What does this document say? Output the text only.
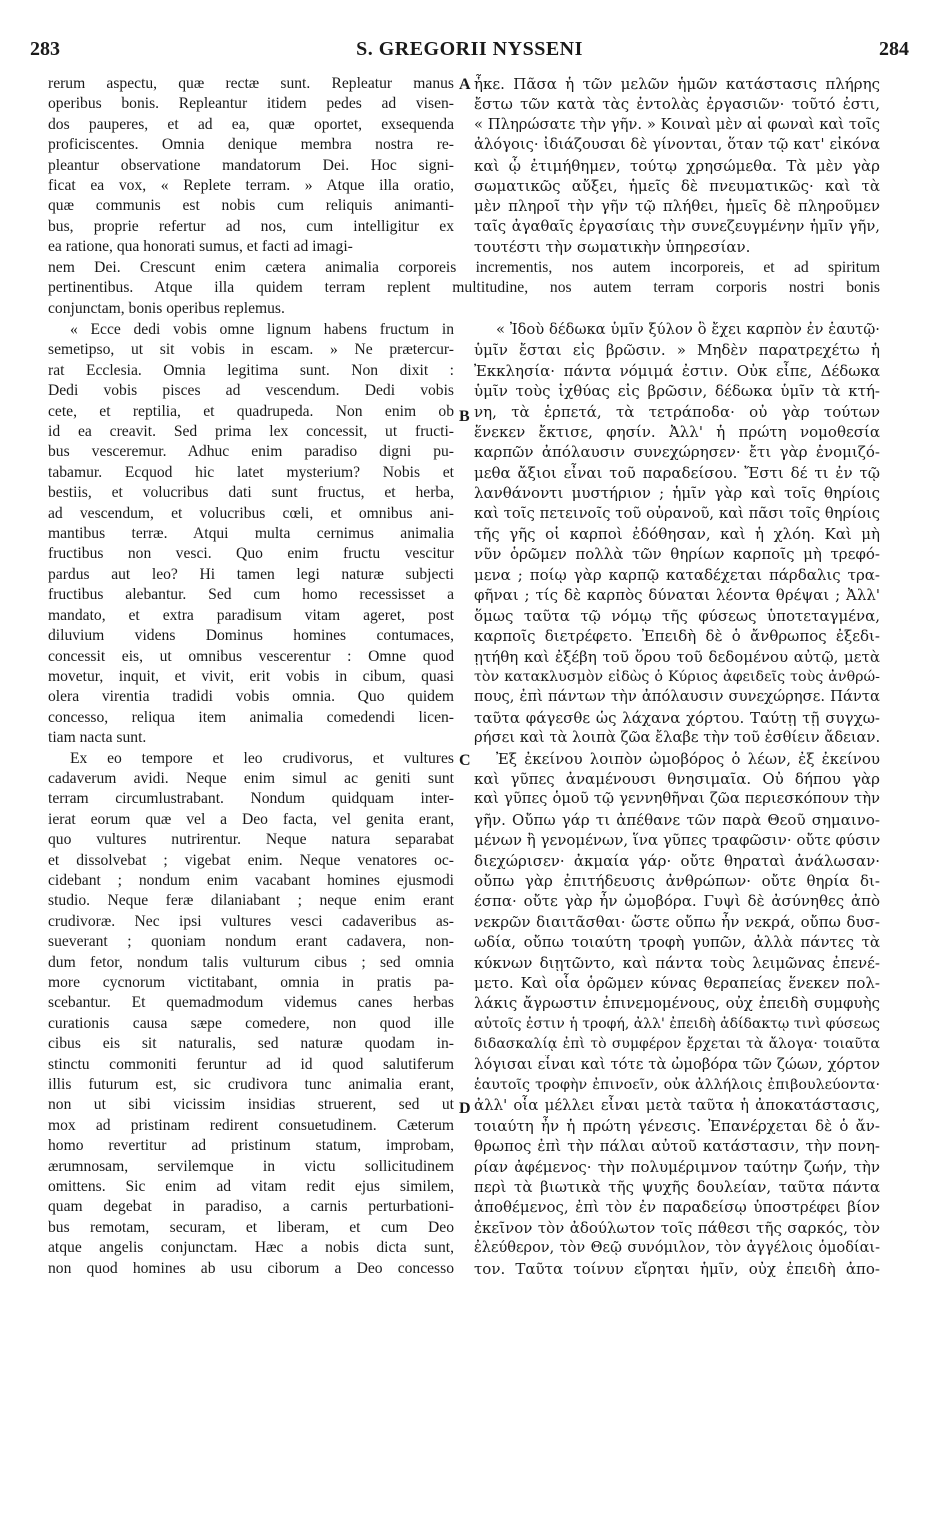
283	S. GREGORII NYSSENI	284
rerum aspectu, quæ rectæ sunt. Repleatur manus
operibus bonis. Repleantur itidem pedes ad visen-
dos pauperes, et ad ea, quæ oportet, exsequenda
proficiscentes. Omnia denique membra nostra re-
pleantur observatione mandatorum Dei. Hoc signi-
ficat ea vox, « Replete terram. » Atque illa oratio,
quæ communis est nobis cum reliquis animanti-
bus, proprie refertur ad nos, cum intelligitur ex
ea ratione, qua honorati sumus, et facti ad imagi-
ἧκε. Πᾶσα ἡ τῶν μελῶν ἡμῶν κατάστασις πλήρης
ἔστω τῶν κατὰ τὰς ἐντολὰς ἐργασιῶν· τοῦτό ἐστι,
« Πληρώσατε τὴν γῆν. » Κοιναὶ μὲν αἱ φωναὶ καὶ τοῖς
ἀλόγοις· ἰδιάζουσαι δὲ γίνονται, ὅταν τῷ κατ' εἰκόνα
καὶ ᾧ ἐτιμήθημεν, τούτῳ χρησώμεθα. Τὰ μὲν γὰρ
σωματικῶς αὔξει, ἡμεῖς δὲ πνευματικῶς· καὶ τὰ
μὲν πληροῖ τὴν γῆν τῷ πλήθει, ἡμεῖς δὲ πληροῦμεν
ταῖς ἀγαθαῖς ἐργασίαις τὴν συνεζευγμένην ἡμῖν γῆν,
τουτέστι τὴν σωματικὴν ὑπηρεσίαν.
nem Dei. Crescunt enim cætera animalia corporeis incrementis, nos autem incorporeis, et ad spiritum
pertinentibus. Atque illa quidem terram replent multitudine, nos autem terram corporis nostri bonis
conjunctam, bonis operibus replemus.
« Ecce dedi vobis omne lignum habens fructum in
semetipso, ut sit vobis in escam. » Ne prætercur-
rat Ecclesia. Omnia legitima sunt. Non dixit :
Dedi vobis pisces ad vescendum. Dedi vobis
cete, et reptilia, et quadrupeda. Non enim ob
id ea creavit. Sed prima lex concessit, ut fructi-
bus vesceremur. Adhuc enim paradiso digni pu-
tabamur. Ecquod hic latet mysterium? Nobis et
bestiis, et volucribus dati sunt fructus, et herba,
ad vescendum, et volucribus cœli, et omnibus ani-
mantibus terræ. Atqui multa cernimus animalia
fructibus non vesci. Quo enim fructu vescitur
pardus aut leo? Hi tamen legi naturæ subjecti
fructibus alebantur. Sed cum homo recessisset a
mandato, et extra paradisum vitam ageret, post
diluvium videns Dominus homines contumaces,
concessit eis, ut omnibus vescerentur : Omne quod
movetur, inquit, et vivit, erit vobis in cibum, quasi
olera virentia tradidi vobis omnia. Quo quidem
concesso, reliqua item animalia comedendi licen-
tiam nacta sunt.
Ex eo tempore et leo crudivorus, et vultures
cadaverum avidi. Neque enim simul ac geniti sunt
terram circumlustrabant. Nondum quidquam inter-
ierat eorum quæ vel a Deo facta, vel genita erant,
quo vultures nutrirentur. Neque natura separabat
et dissolvebat ; vigebat enim. Neque venatores oc-
cidebant ; nondum enim vacabant homines ejusmodi
studio. Neque feræ dilaniabant ; neque enim erant
crudivoræ. Nec ipsi vultures vesci cadaveribus as-
sueverant ; quoniam nondum erant cadavera, non-
dum fetor, nondum talis vulturum cibus ; sed omnia
more cycnorum victitabant, omnia in pratis pa-
scebantur. Et quemadmodum videmus canes herbas
curationis causa sæpe comedere, non quod ille
cibus eis sit naturalis, sed naturæ quodam in-
stinctu commoniti feruntur ad id quod salutiferum
illis futurum est, sic crudivora tunc animalia erant,
non ut sibi vicissim insidias struerent, sed ut
mox ad pristinam redirent consuetudinem. Cæterum
homo revertitur ad pristinum statum, improbam,
ærumnosam, servilemque in victu sollicitudinem
omittens. Sic enim ad vitam redit ejus similem,
quam degebat in paradiso, a carnis perturbationi-
bus remotam, securam, et liberam, et cum Deo
atque angelis conjunctam. Hæc a nobis dicta sunt,
non quod homines ab usu ciborum a Deo concesso
« Ἰδοὺ δέδωκα ὑμῖν ξύλον ὃ ἔχει καρπὸν ἐν ἑαυτῷ·
ὑμῖν ἔσται εἰς βρῶσιν. » Μηδὲν παρατρεχέτω ἡ
Ἐκκλησία· πάντα νόμιμά ἐστιν. Οὐκ εἶπε, Δέδωκα
ὑμῖν τοὺς ἰχθύας εἰς βρῶσιν, δέδωκα ὑμῖν τὰ κτή-
νη, τὰ ἑρπετά, τὰ τετράποδα· οὐ γὰρ τούτων
ἕνεκεν ἔκτισε, φησίν. Ἀλλ' ἡ πρώτη νομοθεσία
καρπῶν ἀπόλαυσιν συνεχώρησεν· ἔτι γὰρ ἐνομιζό-
μεθα ἄξιοι εἶναι τοῦ παραδείσου. Ἔστι δέ τι ἐν τῷ
λανθάνοντι μυστήριον ; ἡμῖν γὰρ καὶ τοῖς θηρίοις
καὶ τοῖς πετεινοῖς τοῦ οὐρανοῦ, καὶ πᾶσι τοῖς θηρίοις
τῆς γῆς οἱ καρποὶ ἐδόθησαν, καὶ ἡ χλόη. Καὶ μὴ
νῦν ὁρῶμεν πολλὰ τῶν θηρίων καρποῖς μὴ τρεφό-
μενα ; ποίῳ γὰρ καρπῷ καταδέχεται πάρδαλις τρα-
φῆναι ; τίς δὲ καρπὸς δύναται λέοντα θρέψαι ; Ἀλλ'
ὅμως ταῦτα τῷ νόμῳ τῆς φύσεως ὑποτεταγμένα,
καρποῖς διετρέφετο. Ἐπειδὴ δὲ ὁ ἄνθρωπος ἐξεδι-
ῃτήθη καὶ ἐξέβη τοῦ ὅρου τοῦ δεδομένου αὐτῷ, μετὰ
τὸν κατακλυσμὸν εἰδὼς ὁ Κύριος ἀφειδεῖς τοὺς ἀνθρώ-
πους, ἐπὶ πάντων τὴν ἀπόλαυσιν συνεχώρησε. Πάντα
ταῦτα φάγεσθε ὡς λάχανα χόρτου. Ταύτῃ τῇ συγχω-
ρήσει καὶ τὰ λοιπὰ ζῶα ἔλαβε τὴν τοῦ ἐσθίειν ἄδειαν.
Ἐξ ἐκείνου λοιπὸν ὠμοβόρος ὁ λέων, ἐξ ἐκείνου
καὶ γῦπες ἀναμένουσι θνησιμαῖα. Οὐ δήπου γὰρ
καὶ γῦπες ὁμοῦ τῷ γεννηθῆναι ζῶα περιεσκόπουν τὴν
γῆν. Οὔπω γάρ τι ἀπέθανε τῶν παρὰ Θεοῦ σημαινο-
μένων ἢ γενομένων, ἵνα γῦπες τραφῶσιν· οὔτε φύσιν
διεχώρισεν· ἀκμαία γάρ· οὔτε θηραταὶ ἀνάλωσαν·
οὔπω γὰρ ἐπιτήδευσις ἀνθρώπων· οὔτε θηρία δι-
έσπα· οὔτε γὰρ ἦν ὠμοβόρα. Γυψὶ δὲ ἀσύνηθες ἀπὸ
νεκρῶν διαιτᾶσθαι· ὥστε οὔπω ἦν νεκρά, οὔπω δυσ-
ωδία, οὔπω τοιαύτη τροφὴ γυπῶν, ἀλλὰ πάντες τὰ
κύκνων διῃτῶντο, καὶ πάντα τοὺς λειμῶνας ἐπενέ-
μετο. Καὶ οἷα ὁρῶμεν κύνας θεραπείας ἕνεκεν πολ-
λάκις ἄγρωστιν ἐπινεμομένους, οὐχ ἐπειδὴ συμφυὴς
αὐτοῖς ἐστιν ἡ τροφή, ἀλλ' ἐπειδὴ ἀδίδακτῳ τινὶ φύσεως
διδασκαλίᾳ ἐπὶ τὸ συμφέρον ἔρχεται τὰ ἄλογα· τοιαῦτα
λόγισαι εἶναι καὶ τότε τὰ ὠμοβόρα τῶν ζώων, χόρτον
ἑαυτοῖς τροφὴν ἐπινοεῖν, οὐκ ἀλλήλοις ἐπιβουλεύοντα·
ἀλλ' οἷα μέλλει εἶναι μετὰ ταῦτα ἡ ἀποκατάστασις,
τοιαύτη ἦν ἡ πρώτη γένεσις. Ἐπανέρχεται δὲ ὁ ἄν-
θρωπος ἐπὶ τὴν πάλαι αὐτοῦ κατάστασιν, τὴν πονη-
ρίαν ἀφέμενος· τὴν πολυμέριμνον ταύτην ζωήν, τὴν
περὶ τὰ βιωτικὰ τῆς ψυχῆς δουλείαν, ταῦτα πάντα
ἀποθέμενος, ἐπὶ τὸν ἐν παραδείσῳ ὑποστρέφει βίον
ἐκεῖνον τὸν ἀδούλωτον τοῖς πάθεσι τῆς σαρκός, τὸν
ἐλεύθερον, τὸν Θεῷ συνόμιλον, τὸν ἀγγέλοις ὁμοδίαι-
τον. Ταῦτα τοίνυν εἴρηται ἡμῖν, οὐχ ἐπειδὴ ἀπο-
A
B
C
D
